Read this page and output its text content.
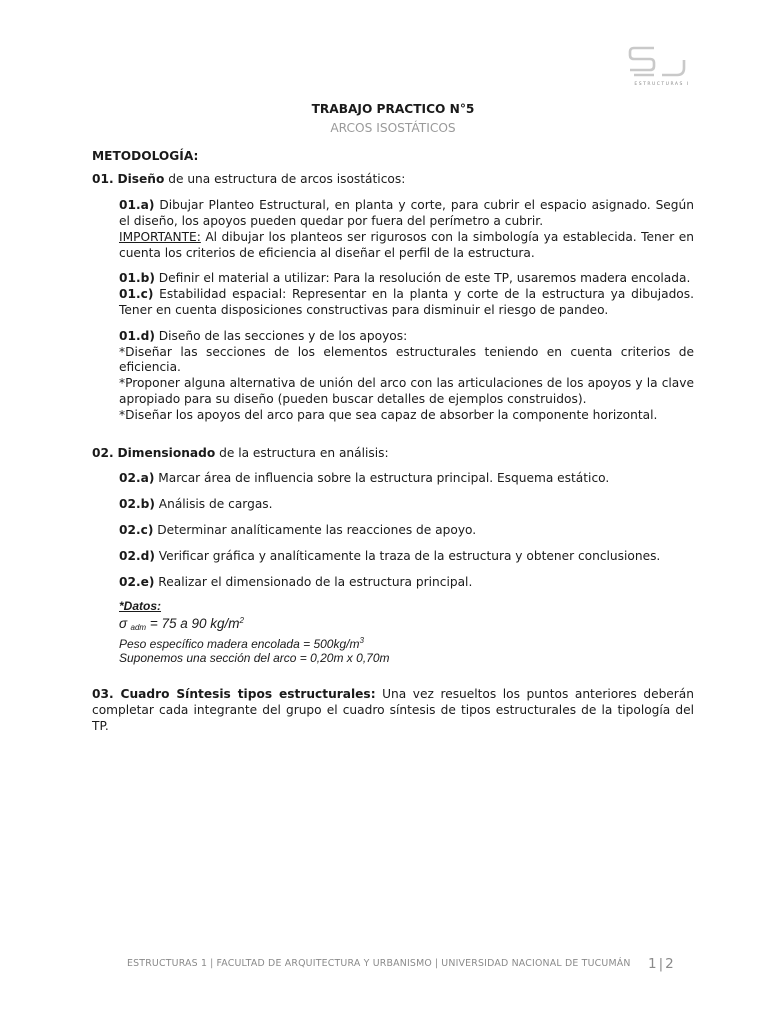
ESTRUCTURAS I

TRABAJO PRACTICO N°5

ARCOS ISOSTÁTICOS

METODOLOGÍA:

01. Diseño de una estructura de arcos isostáticos:

01.a) Dibujar Planteo Estructural, en planta y corte, para cubrir el espacio asignado. Según el diseño, los apoyos pueden quedar por fuera del perímetro a cubrir.
IMPORTANTE: Al dibujar los planteos ser rigurosos con la simbología ya establecida. Tener en cuenta los criterios de eficiencia al diseñar el perfil de la estructura.

01.b) Definir el material a utilizar: Para la resolución de este TP, usaremos madera encolada.

01.c) Estabilidad espacial: Representar en la planta y corte de la estructura ya dibujados. Tener en cuenta disposiciones constructivas para disminuir el riesgo de pandeo.

01.d) Diseño de las secciones y de los apoyos:
*Diseñar las secciones de los elementos estructurales teniendo en cuenta criterios de eficiencia.
*Proponer alguna alternativa de unión del arco con las articulaciones de los apoyos y la clave apropiado para su diseño (pueden buscar detalles de ejemplos construidos).
*Diseñar los apoyos del arco para que sea capaz de absorber la componente horizontal.

02. Dimensionado de la estructura en análisis:

02.a) Marcar área de influencia sobre la estructura principal. Esquema estático.

02.b) Análisis de cargas.

02.c) Determinar analíticamente las reacciones de apoyo.

02.d) Verificar gráfica y analíticamente la traza de la estructura y obtener conclusiones.

02.e) Realizar el dimensionado de la estructura principal.

*Datos:
σ $_{adm}$ = 75 a 90 $kg/m^2$
Peso específico madera encolada = $500kg/m^3$
Suponemos una sección del arco = 0,20m x 0,70m

03. Cuadro Síntesis tipos estructurales: Una vez resueltos los puntos anteriores deberán completar cada integrante del grupo el cuadro síntesis de tipos estructurales de la tipología del TP.

ESTRUCTURAS 1 | FACULTAD DE ARQUITECTURA Y URBANISMO | UNIVERSIDAD NACIONAL DE TUCUMÁN	1 | 2
